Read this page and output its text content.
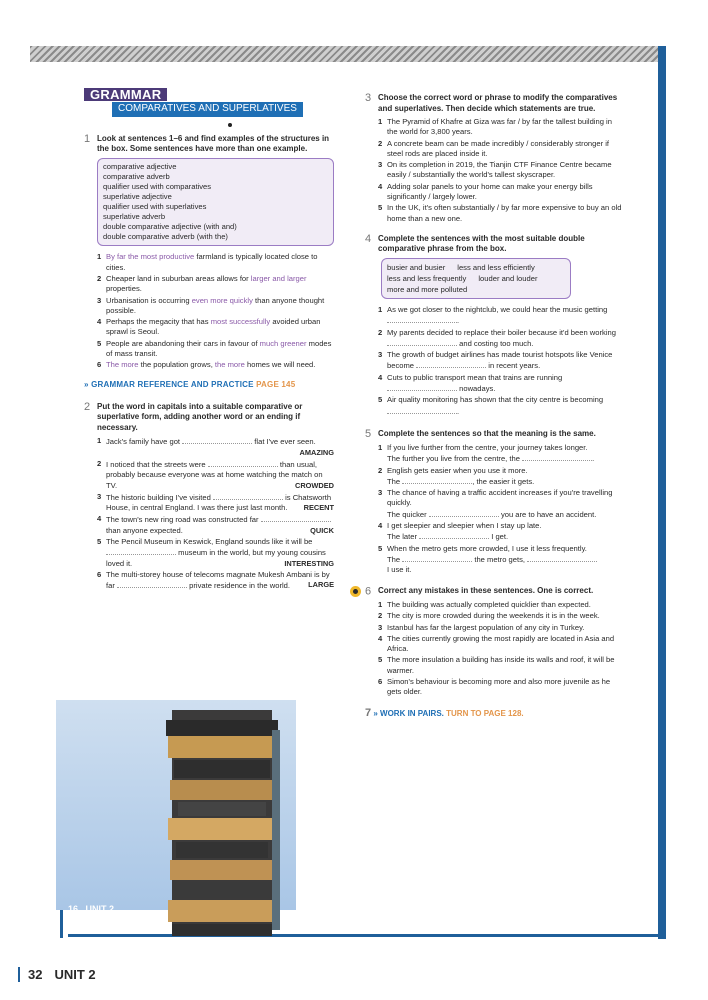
GRAMMAR
COMPARATIVES AND SUPERLATIVES
1 Look at sentences 1–6 and find examples of the structures in the box. Some sentences have more than one example.
comparative adjective
comparative adverb
qualifier used with comparatives
superlative adjective
qualifier used with superlatives
superlative adverb
double comparative adjective (with and)
double comparative adverb (with the)
1 By far the most productive farmland is typically located close to cities.
2 Cheaper land in suburban areas allows for larger and larger properties.
3 Urbanisation is occurring even more quickly than anyone thought possible.
4 Perhaps the megacity that has most successfully avoided urban sprawl is Seoul.
5 People are abandoning their cars in favour of much greener modes of mass transit.
6 The more the population grows, the more homes we will need.
» GRAMMAR REFERENCE AND PRACTICE PAGE 145
2 Put the word in capitals into a suitable comparative or superlative form, adding another word or an ending if necessary.
1 Jack's family have got	flat I've ever seen.
AMAZING
2 I noticed that the streets were	than usual, probably because everyone was at home watching the match on TV.	CROWDED
3 The historic building I've visited	is Chatsworth House, in central England. I was there just last month. RECENT
4 The town's new ring road was constructed far  than anyone expected.	QUICK
5 The Pencil Museum in Keswick, England sounds like it will be  museum in the world, but my young cousins loved it.	INTERESTING
6 The multi-storey house of telecoms magnate Mukesh Ambani is by far	private residence in the world. LARGE
16 UNIT 2
3 Choose the correct word or phrase to modify the comparatives and superlatives. Then decide which statements are true.
1 The Pyramid of Khafre at Giza was far / by far the tallest building in the world for 3,800 years.
2 A concrete beam can be made incredibly / considerably stronger if steel rods are placed inside it.
3 On its completion in 2019, the Tianjin CTF Finance Centre became easily / substantially the world's tallest skyscraper.
4 Adding solar panels to your home can make your energy bills significantly / largely lower.
5 In the UK, it's often substantially / by far more expensive to buy an old home than a new one.
4 Complete the sentences with the most suitable double comparative phrase from the box.
busier and busier less and less efficiently
less and less frequently louder and louder
more and more polluted
1 As we got closer to the nightclub, we could hear the music getting .
2 My parents decided to replace their boiler because it'd been working  and costing too much.
3 The growth of budget airlines has made tourist hotspots like Venice become	in recent years.
4 Cuts to public transport mean that trains are running  nowadays.
5 Air quality monitoring has shown that the city centre is becoming .
5 Complete the sentences so that the meaning is the same.
1 If you live further from the centre, your journey takes longer.
The further you live from the centre, the	.
2 English gets easier when you use it more.
The	, the easier it gets.
3 The chance of having a traffic accident increases if you're travelling quickly.
The quicker	you are to have an accident.
4 I get sleepier and sleepier when I stay up late.
The later	I get.
5 When the metro gets more crowded, I use it less frequently.
The	the metro gets,
I use it.
6 Correct any mistakes in these sentences. One is correct.
1 The building was actually completed quicklier than expected.
2 The city is more crowded during the weekends it is in the week.
3 Istanbul has far the largest population of any city in Turkey.
4 The cities currently growing the most rapidly are located in Asia and Africa.
5 The more insulation a building has inside its walls and roof, it will be warmer.
6 Simon's behaviour is becoming more and also more juvenile as he gets older.
7 » WORK IN PAIRS. TURN TO PAGE 128.
32 UNIT 2
